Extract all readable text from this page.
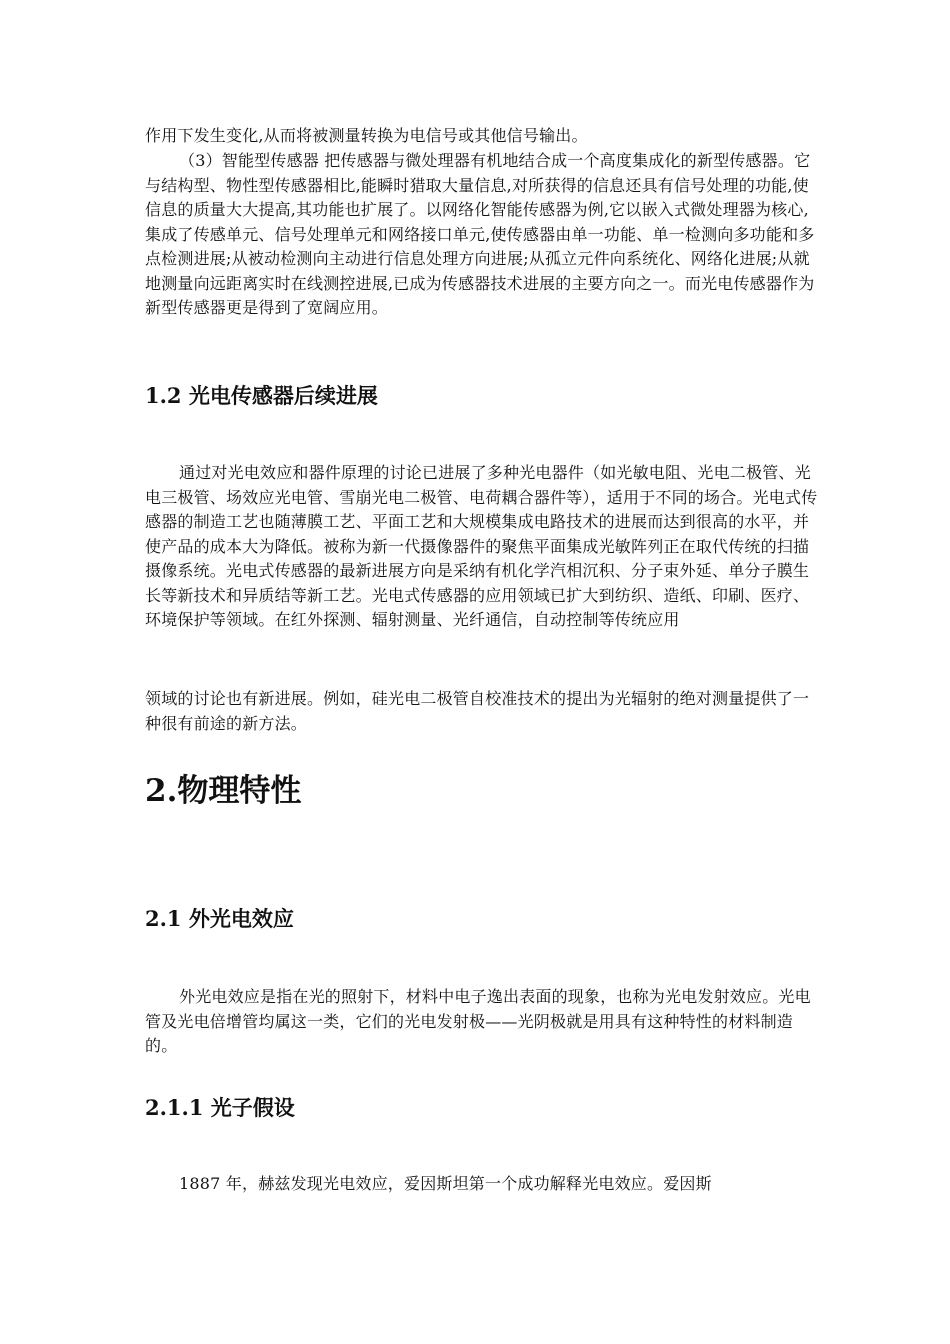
作用下发生变化,从而将被测量转换为电信号或其他信号输出。

（3）智能型传感器 把传感器与微处理器有机地结合成一个高度集成化的新型传感器。它与结构型、物性型传感器相比,能瞬时猎取大量信息,对所获得的信息还具有信号处理的功能,使信息的质量大大提高,其功能也扩展了。以网络化智能传感器为例,它以嵌入式微处理器为核心,集成了传感单元、信号处理单元和网络接口单元,使传感器由单一功能、单一检测向多功能和多点检测进展;从被动检测向主动进行信息处理方向进展;从孤立元件向系统化、网络化进展;从就地测量向远距离实时在线测控进展,已成为传感器技术进展的主要方向之一。而光电传感器作为新型传感器更是得到了宽阔应用。

1.2 光电传感器后续进展

通过对光电效应和器件原理的讨论已进展了多种光电器件（如光敏电阻、光电二极管、光电三极管、场效应光电管、雪崩光电二极管、电荷耦合器件等），适用于不同的场合。光电式传感器的制造工艺也随薄膜工艺、平面工艺和大规模集成电路技术的进展而达到很高的水平，并使产品的成本大为降低。被称为新一代摄像器件的聚焦平面集成光敏阵列正在取代传统的扫描摄像系统。光电式传感器的最新进展方向是采纳有机化学汽相沉积、分子束外延、单分子膜生长等新技术和异质结等新工艺。光电式传感器的应用领域已扩大到纺织、造纸、印刷、医疗、环境保护等领域。在红外探测、辐射测量、光纤通信，自动控制等传统应用

领域的讨论也有新进展。例如，硅光电二极管自校准技术的提出为光辐射的绝对测量提供了一种很有前途的新方法。

2.物理特性
2.1 外光电效应

外光电效应是指在光的照射下，材料中电子逸出表面的现象，也称为光电发射效应。光电管及光电倍增管均属这一类，它们的光电发射极——光阴极就是用具有这种特性的材料制造的。

2.1.1 光子假设

1887 年，赫兹发现光电效应，爱因斯坦第一个成功解释光电效应。爱因斯
